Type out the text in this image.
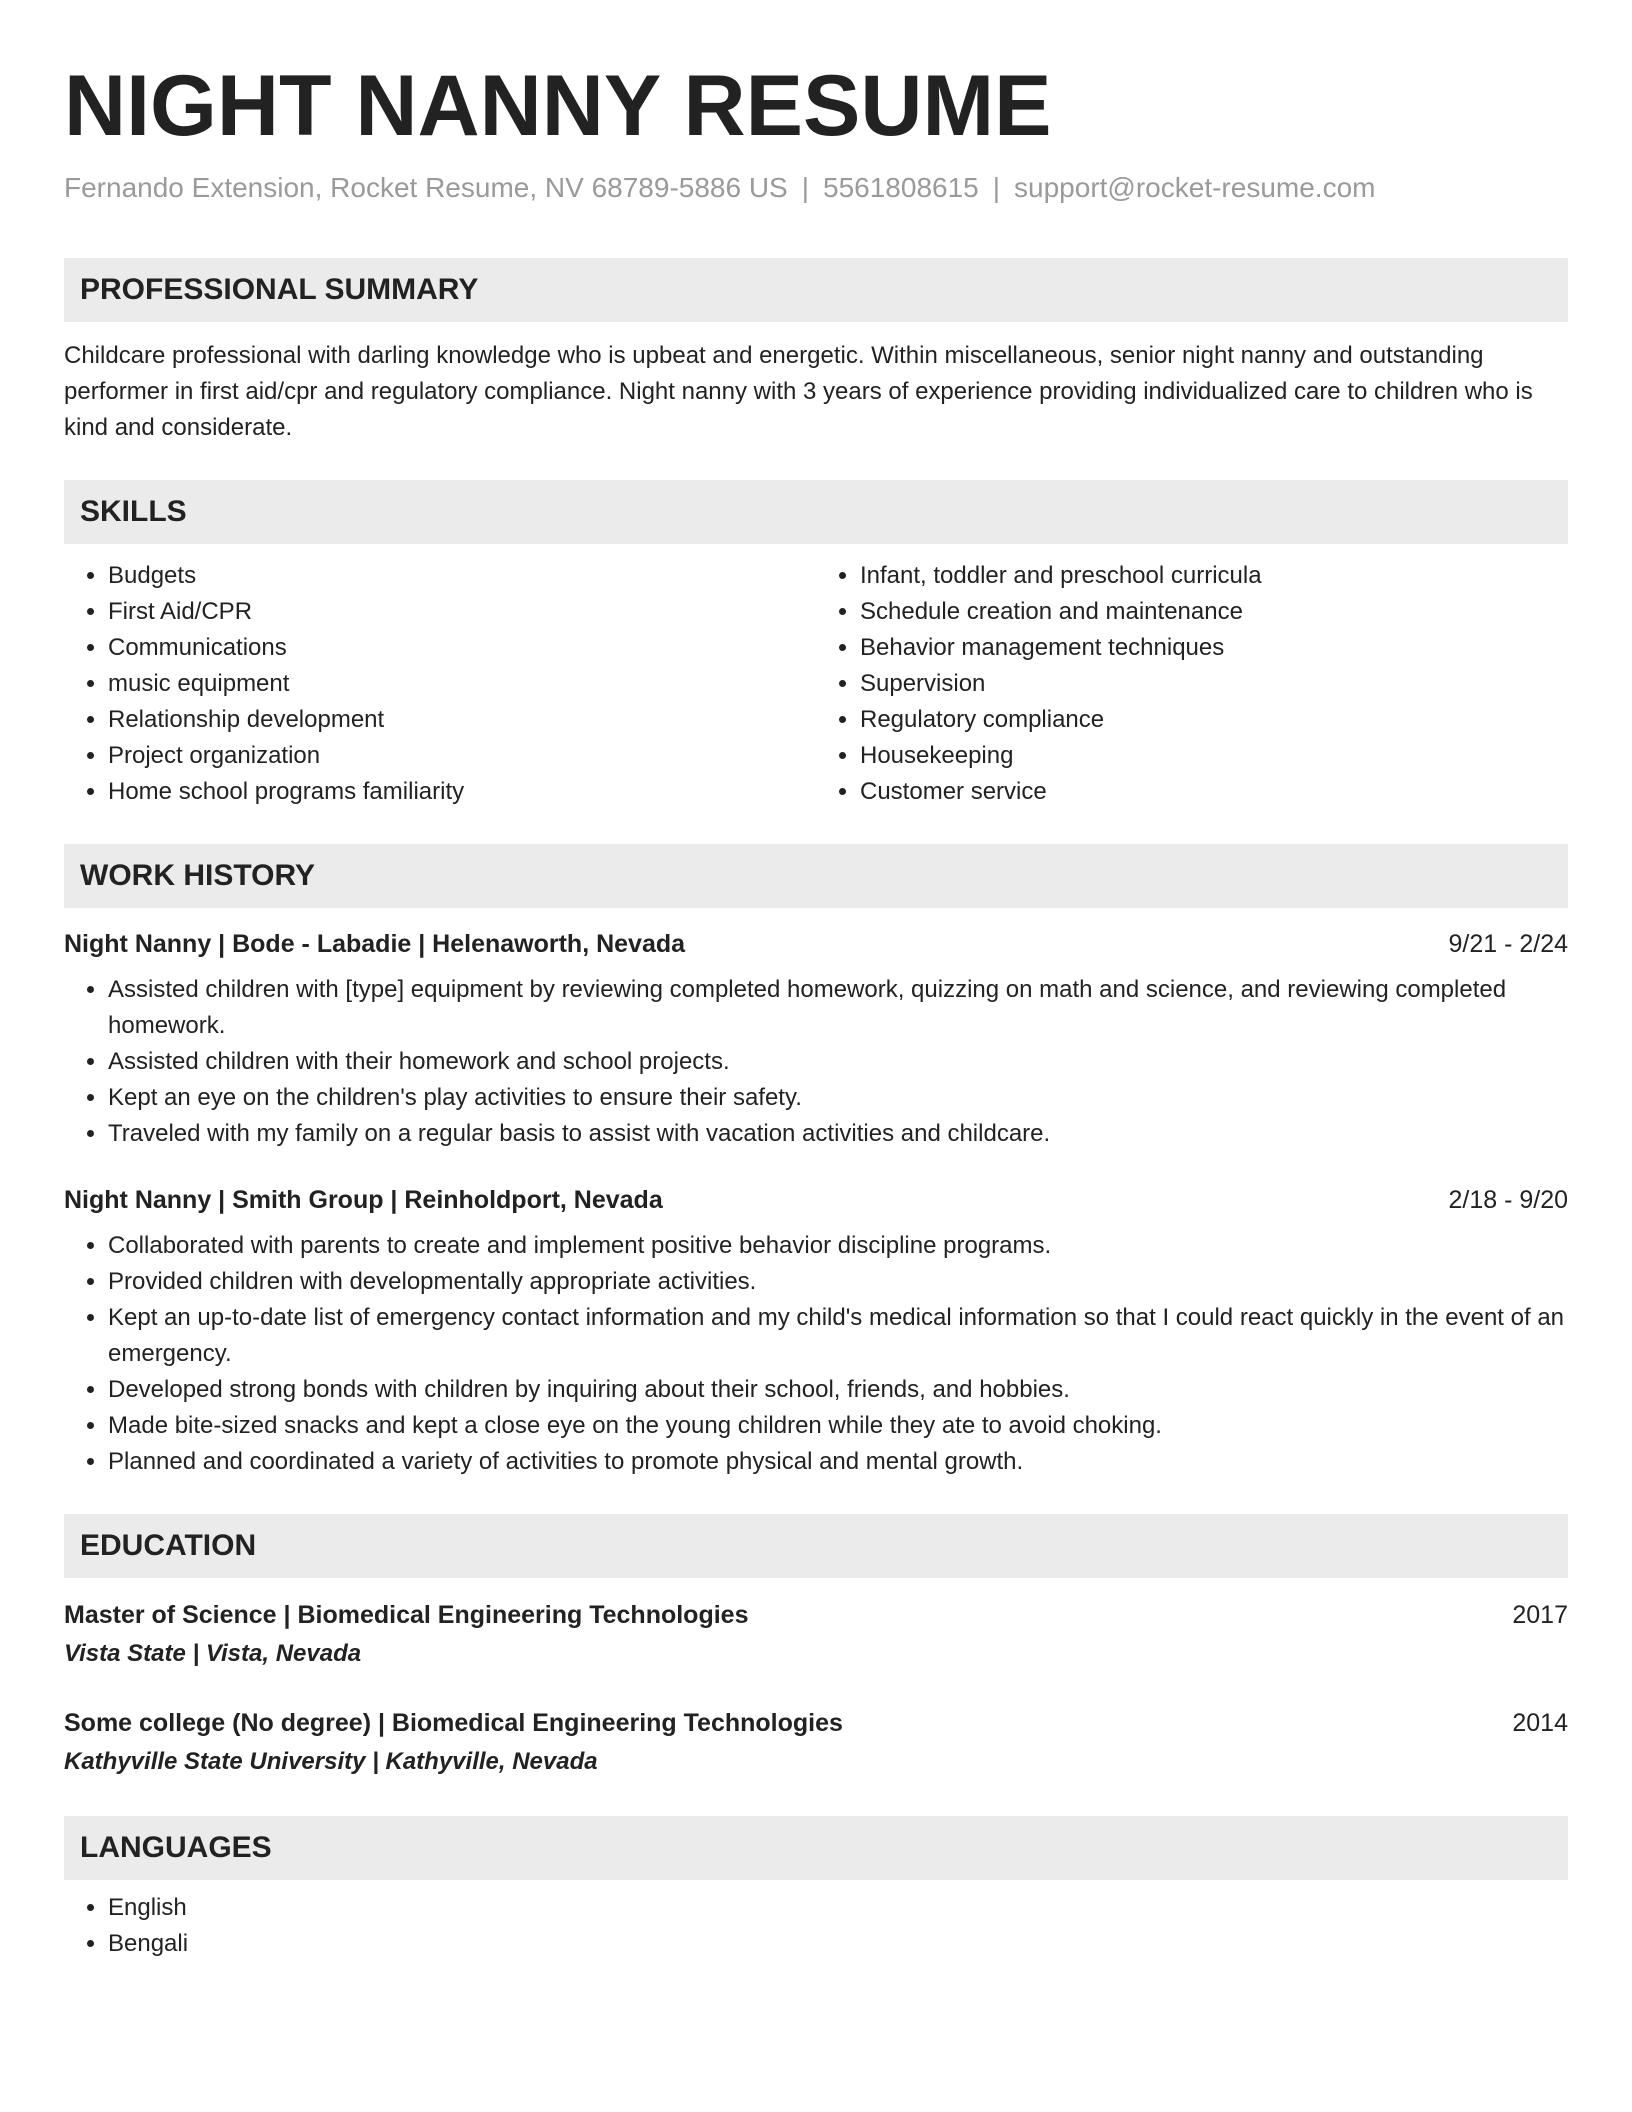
NIGHT NANNY RESUME
Fernando Extension, Rocket Resume, NV 68789-5886 US | 5561808615 | support@rocket-resume.com
PROFESSIONAL SUMMARY
Childcare professional with darling knowledge who is upbeat and energetic. Within miscellaneous, senior night nanny and outstanding performer in first aid/cpr and regulatory compliance. Night nanny with 3 years of experience providing individualized care to children who is kind and considerate.
SKILLS
• Budgets
• First Aid/CPR
• Communications
• music equipment
• Relationship development
• Project organization
• Home school programs familiarity
• Infant, toddler and preschool curricula
• Schedule creation and maintenance
• Behavior management techniques
• Supervision
• Regulatory compliance
• Housekeeping
• Customer service
WORK HISTORY
Night Nanny | Bode - Labadie | Helenaworth, Nevada	9/21 - 2/24
• Assisted children with [type] equipment by reviewing completed homework, quizzing on math and science, and reviewing completed homework.
• Assisted children with their homework and school projects.
• Kept an eye on the children's play activities to ensure their safety.
• Traveled with my family on a regular basis to assist with vacation activities and childcare.
Night Nanny | Smith Group | Reinholdport, Nevada	2/18 - 9/20
• Collaborated with parents to create and implement positive behavior discipline programs.
• Provided children with developmentally appropriate activities.
• Kept an up-to-date list of emergency contact information and my child's medical information so that I could react quickly in the event of an emergency.
• Developed strong bonds with children by inquiring about their school, friends, and hobbies.
• Made bite-sized snacks and kept a close eye on the young children while they ate to avoid choking.
• Planned and coordinated a variety of activities to promote physical and mental growth.
EDUCATION
Master of Science | Biomedical Engineering Technologies	2017
Vista State | Vista, Nevada
Some college (No degree) | Biomedical Engineering Technologies	2014
Kathyville State University | Kathyville, Nevada
LANGUAGES
• English
• Bengali
